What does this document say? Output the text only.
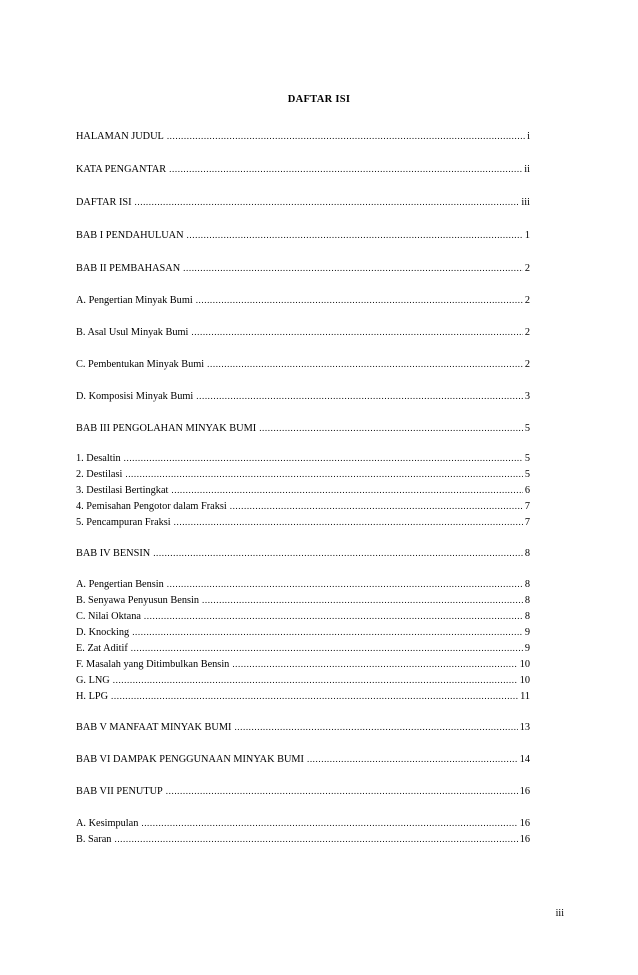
DAFTAR ISI
HALAMAN JUDUL .....	i
KATA PENGANTAR .....	ii
DAFTAR ISI .....	iii
BAB I PENDAHULUAN .....	1
BAB II PEMBAHASAN .....	2
A. Pengertian Minyak Bumi .....	2
B. Asal Usul Minyak Bumi .....	2
C. Pembentukan Minyak Bumi .....	2
D. Komposisi Minyak Bumi .....	3
BAB III PENGOLAHAN MINYAK BUMI .....	5
1. Desaltin .....	5
2. Destilasi .....	5
3. Destilasi Bertingkat .....	6
4. Pemisahan Pengotor dalam Fraksi .....	7
5. Pencampuran Fraksi .....	7
BAB IV BENSIN .....	8
A. Pengertian Bensin .....	8
B. Senyawa Penyusun Bensin .....	8
C. Nilai Oktana .....	8
D. Knocking .....	9
E. Zat Aditif .....	9
F. Masalah yang Ditimbulkan Bensin .....	10
G. LNG .....	10
H. LPG .....	11
BAB V MANFAAT MINYAK BUMI .....	13
BAB VI DAMPAK PENGGUNAAN MINYAK BUMI .....	14
BAB VII PENUTUP .....	16
A. Kesimpulan .....	16
B. Saran .....	16
iii
